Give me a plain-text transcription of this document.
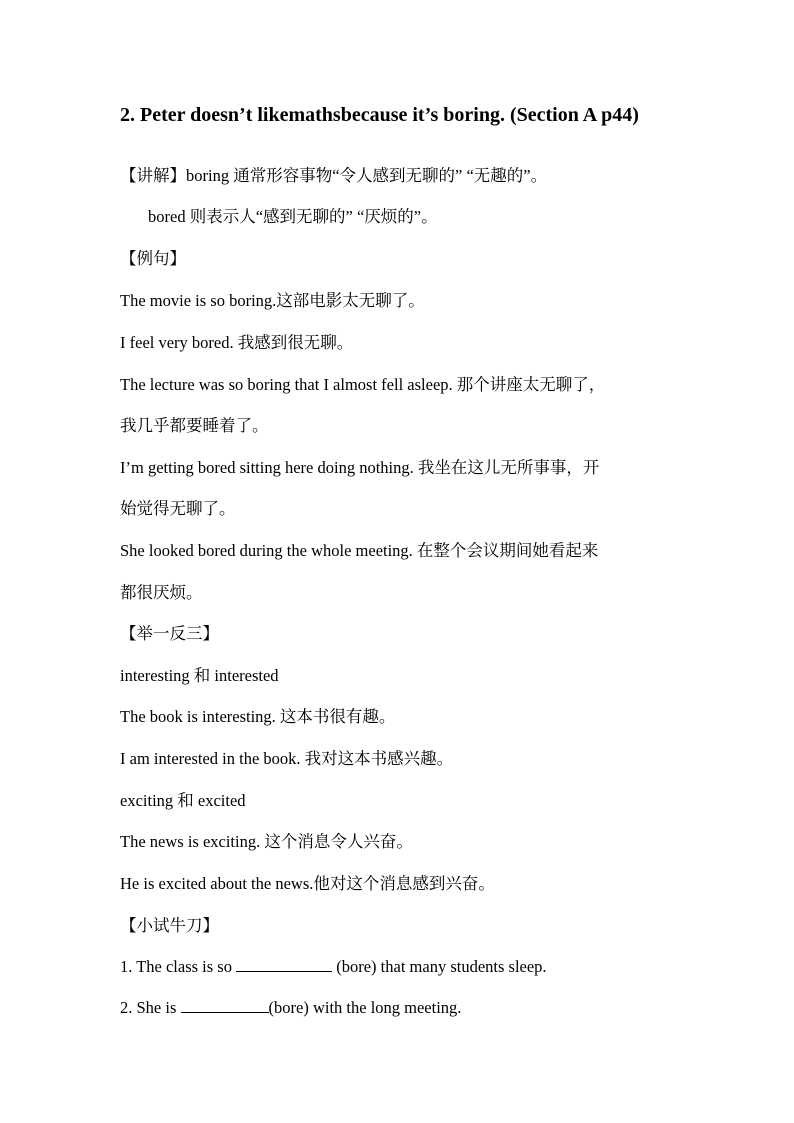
2. Peter doesn’t likemathsbecause it’s boring. (Section A p44)
【讲解】boring 通常形容事物“令人感到无聊的” “无趣的”。
bored 则表示人“感到无聊的” “厌烦的”。
【例句】
The movie is so boring.这部电影太无聊了。
I feel very bored. 我感到很无聊。
The lecture was so boring that I almost fell asleep. 那个讲座太无聊了，
我几乎都要睡着了。
I’m getting bored sitting here doing nothing. 我坐在这儿无所事事，开
始觉得无聊了。
She looked bored during the whole meeting. 在整个会议期间她看起来
都很厌烦。
【举一反三】
interesting 和 interested
The book is interesting. 这本书很有趣。
I am interested in the book. 我对这本书感兴趣。
exciting 和 excited
The news is exciting. 这个消息令人兴奋。
He is excited about the news.他对这个消息感到兴奋。
【小试牛刀】
1. The class is so	(bore) that many students sleep.
2. She is	(bore) with the long meeting.
